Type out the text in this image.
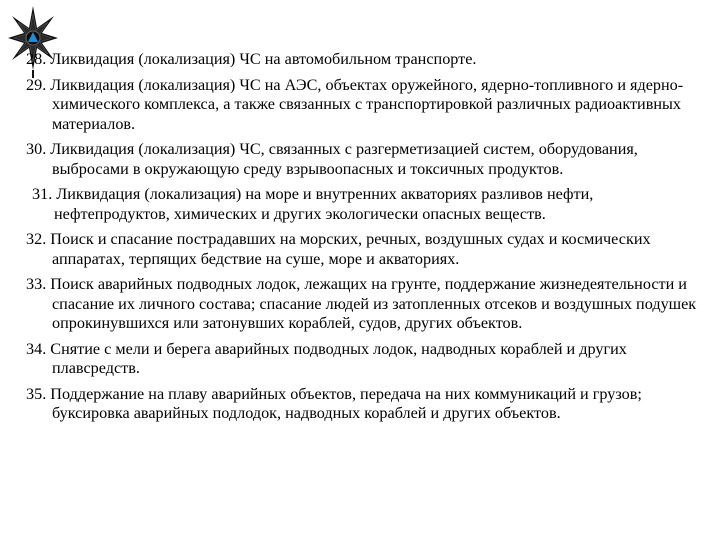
28. Ликвидация (локализация) ЧС на автомобильном транспорте.
29. Ликвидация (локализация) ЧС на АЭС, объектах оружейного, ядерно-топливного и ядерно-химического комплекса, а также связанных с транспортировкой различных радиоактивных материалов.
30. Ликвидация (локализация) ЧС, связанных с разгерметизацией систем, оборудования, выбросами в окружающую среду взрывоопасных и токсичных продуктов.
31. Ликвидация (локализация) на море и внутренних акваториях разливов нефти, нефтепродуктов, химических и других экологически опасных веществ.
32. Поиск и спасание пострадавших на морских, речных, воздушных судах и космических аппаратах, терпящих бедствие на суше, море и акваториях.
33. Поиск аварийных подводных лодок, лежащих на грунте, поддержание жизнедеятельности и спасание их личного состава; спасание людей из затопленных отсеков и воздушных подушек опрокинувшихся или затонувших кораблей, судов, других объектов.
34. Снятие с мели и берега аварийных подводных лодок, надводных кораблей и других плавсредств.
35. Поддержание на плаву аварийных объектов, передача на них коммуникаций и грузов; буксировка аварийных подлодок, надводных кораблей и других объектов.
